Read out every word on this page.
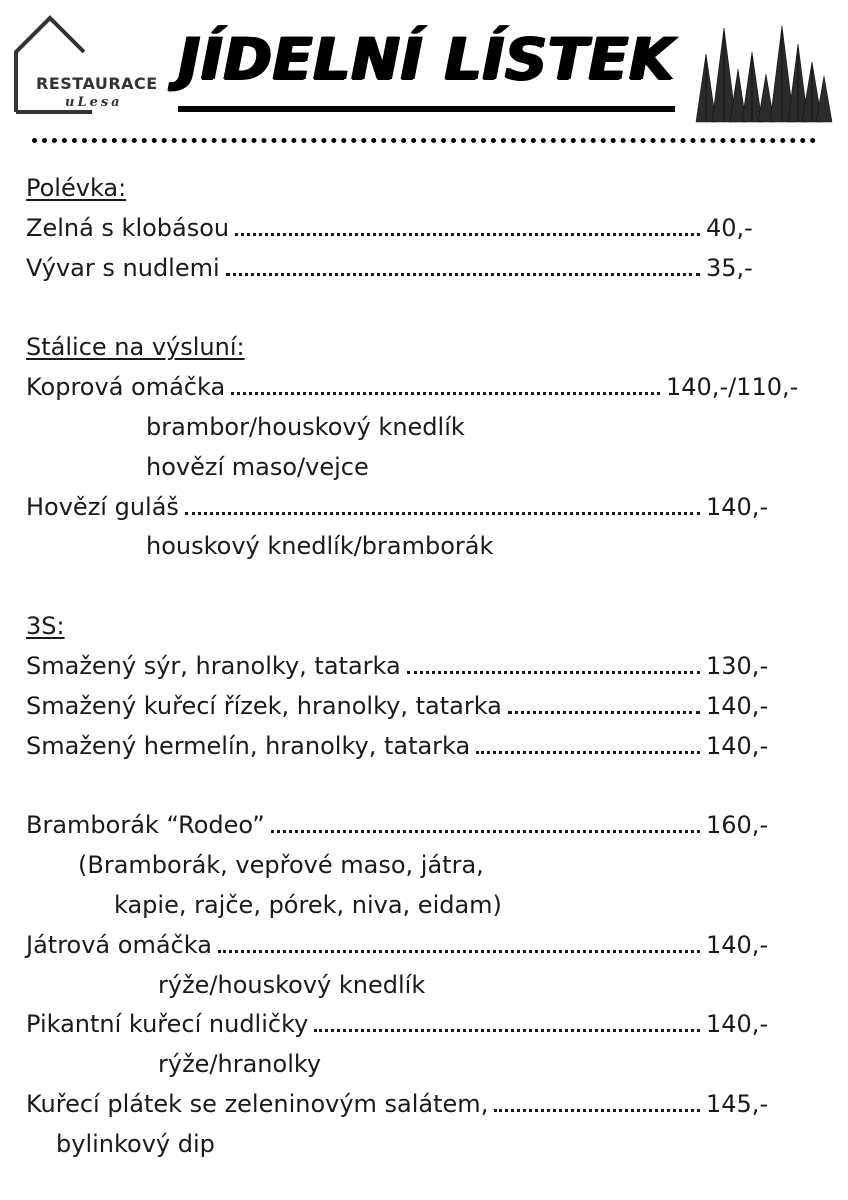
RESTAURACE
uLesa
JÍDELNÍ LÍSTEK
Polévka:
Zelná s klobásou	40,-
Vývar s nudlemi	35,-
Stálice na výsluní:
Koprová omáčka	140,-/110,-
brambor/houskový knedlík
hovězí maso/vejce
Hovězí guláš	140,-
houskový knedlík/bramborák
3S:
Smažený sýr, hranolky, tatarka	130,-
Smažený kuřecí řízek, hranolky, tatarka	140,-
Smažený hermelín, hranolky, tatarka	140,-
Bramborák “Rodeo”	160,-
(Bramborák, vepřové maso, játra,
kapie, rajče, pórek, niva, eidam)
Játrová omáčka	140,-
rýže/houskový knedlík
Pikantní kuřecí nudličky	140,-
rýže/hranolky
Kuřecí plátek se zeleninovým salátem,	145,-
bylinkový dip
